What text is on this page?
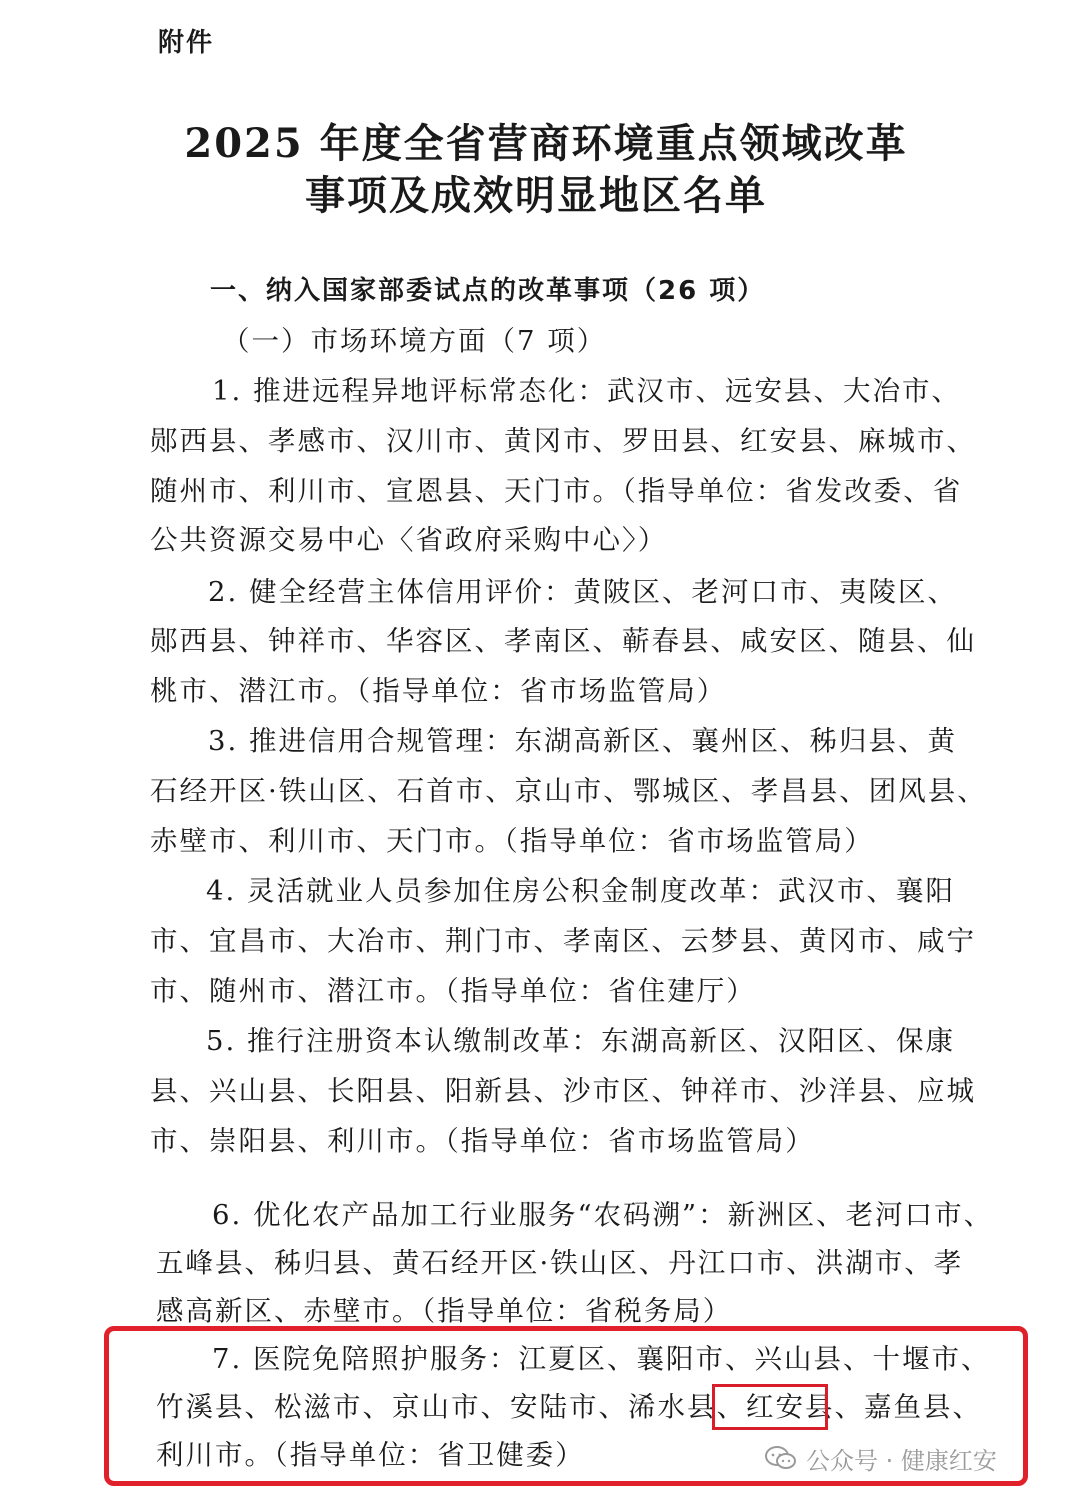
附件
2025 年度全省营商环境重点领域改革
事项及成效明显地区名单
一、纳入国家部委试点的改革事项（26 项）
（一）市场环境方面（7 项）
1. 推进远程异地评标常态化：武汉市、远安县、大冶市、
郧西县、孝感市、汉川市、黄冈市、罗田县、红安县、麻城市、
随州市、利川市、宣恩县、天门市。（指导单位：省发改委、省
公共资源交易中心〈省政府采购中心〉）
2. 健全经营主体信用评价：黄陂区、老河口市、夷陵区、
郧西县、钟祥市、华容区、孝南区、蕲春县、咸安区、随县、仙
桃市、潜江市。（指导单位：省市场监管局）
3. 推进信用合规管理：东湖高新区、襄州区、秭归县、黄
石经开区·铁山区、石首市、京山市、鄂城区、孝昌县、团风县、
赤壁市、利川市、天门市。（指导单位：省市场监管局）
4. 灵活就业人员参加住房公积金制度改革：武汉市、襄阳
市、宜昌市、大冶市、荆门市、孝南区、云梦县、黄冈市、咸宁
市、随州市、潜江市。（指导单位：省住建厅）
5. 推行注册资本认缴制改革：东湖高新区、汉阳区、保康
县、兴山县、长阳县、阳新县、沙市区、钟祥市、沙洋县、应城
市、崇阳县、利川市。（指导单位：省市场监管局）
6. 优化农产品加工行业服务“农码溯”：新洲区、老河口市、
五峰县、秭归县、黄石经开区·铁山区、丹江口市、洪湖市、孝
感高新区、赤壁市。（指导单位：省税务局）
7. 医院免陪照护服务：江夏区、襄阳市、兴山县、十堰市、
竹溪县、松滋市、京山市、安陆市、浠水县、红安县、嘉鱼县、
利川市。（指导单位：省卫健委）	公众号 · 健康红安
